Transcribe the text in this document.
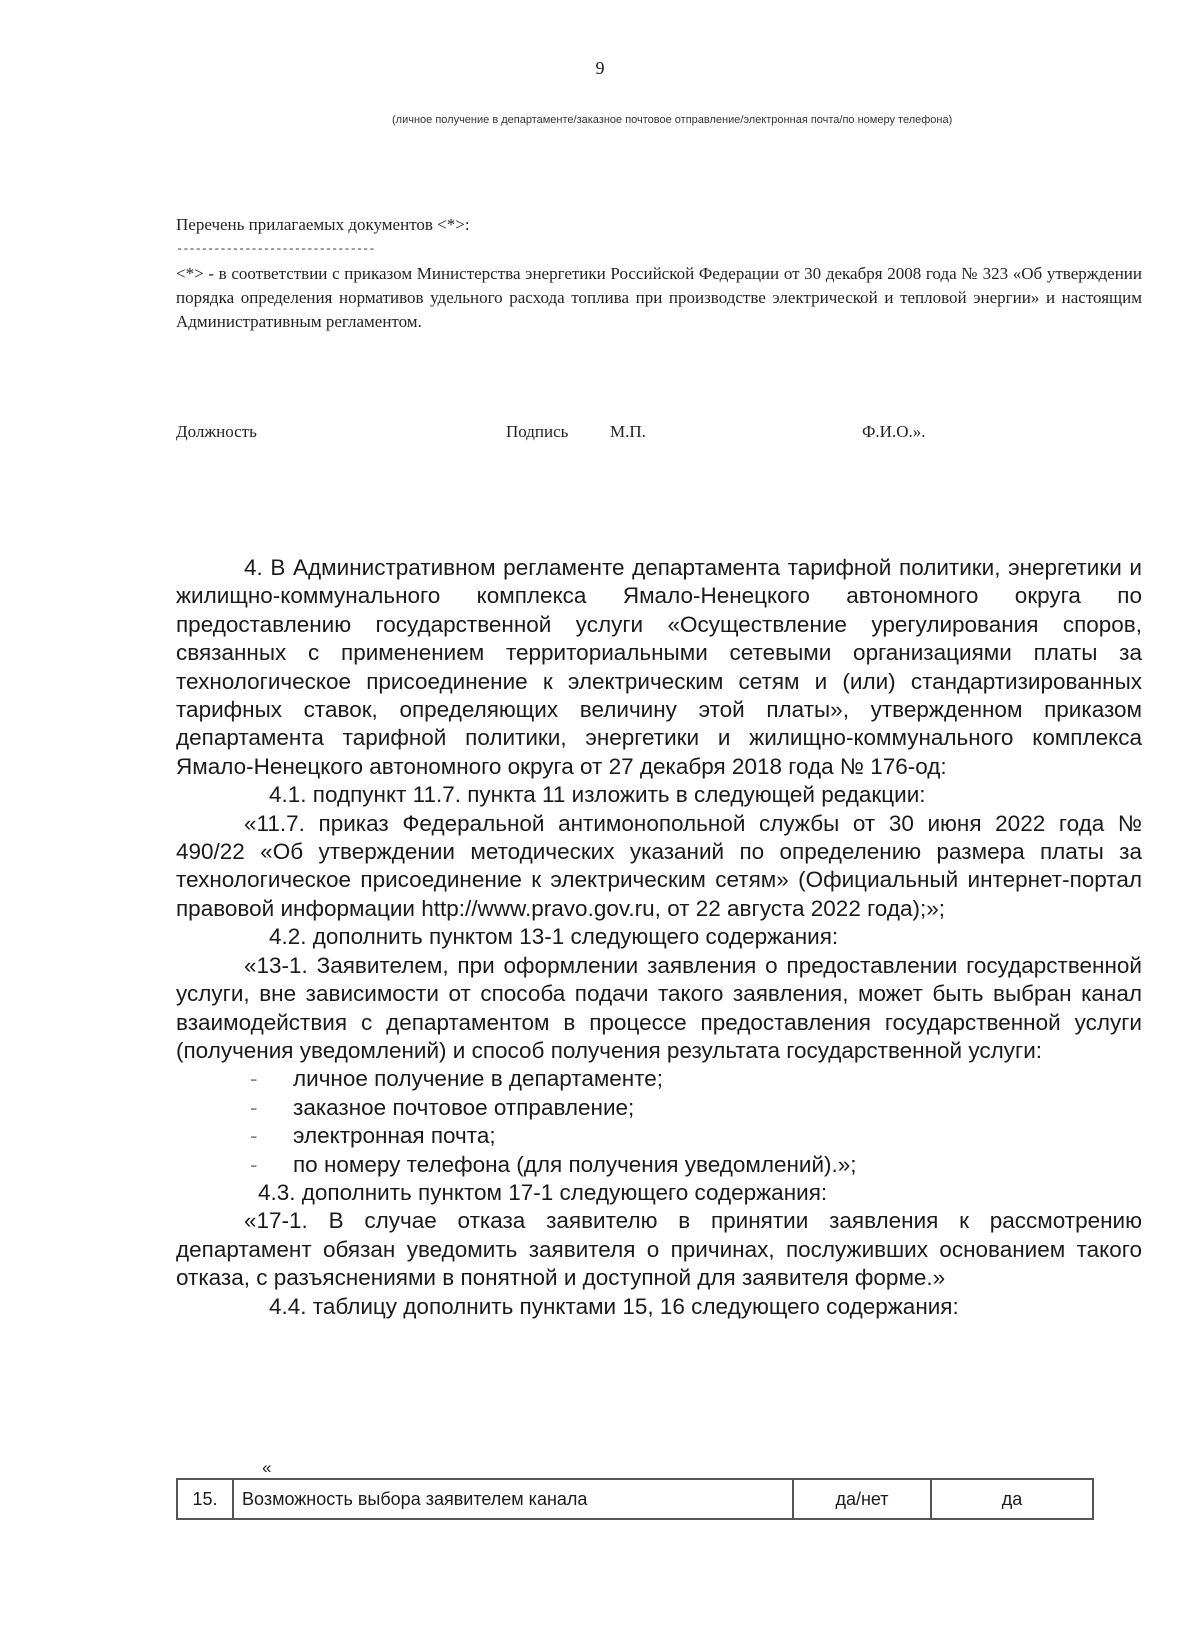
9
(личное получение в департаменте/заказное почтовое отправление/электронная почта/по номеру телефона)
Перечень прилагаемых документов <*>:
--------------------------------
<*> - в соответствии с приказом Министерства энергетики Российской Федерации от 30 декабря 2008 года № 323 «Об утверждении порядка определения нормативов удельного расхода топлива при производстве электрической и тепловой энергии» и настоящим Административным регламентом.
Должность	Подпись М.П.	Ф.И.О.».

4. В Административном регламенте департамента тарифной политики, энергетики и жилищно-коммунального комплекса Ямало-Ненецкого автономного округа по предоставлению государственной услуги «Осуществление урегулирования споров, связанных с применением территориальными сетевыми организациями платы за технологическое присоединение к электрическим сетям и (или) стандартизированных тарифных ставок, определяющих величину этой платы», утвержденном приказом департамента тарифной политики, энергетики и жилищно-коммунального комплекса Ямало-Ненецкого автономного округа от 27 декабря 2018 года № 176-од:

4.1. подпункт 11.7. пункта 11 изложить в следующей редакции:

«11.7. приказ Федеральной антимонопольной службы от 30 июня 2022 года № 490/22 «Об утверждении методических указаний по определению размера платы за технологическое присоединение к электрическим сетям» (Официальный интернет-портал правовой информации http://www.pravo.gov.ru, от 22 августа 2022 года);»;

4.2. дополнить пунктом 13-1 следующего содержания:

«13-1. Заявителем, при оформлении заявления о предоставлении государственной услуги, вне зависимости от способа подачи такого заявления, может быть выбран канал взаимодействия с департаментом в процессе предоставления государственной услуги (получения уведомлений) и способ получения результата государственной услуги:

-	личное получение в департаменте;

-	заказное почтовое отправление;

-	электронная почта;

-	по номеру телефона (для получения уведомлений).»;

4.3. дополнить пунктом 17-1 следующего содержания:

«17-1. В случае отказа заявителю в принятии заявления к рассмотрению департамент обязан уведомить заявителя о причинах, послуживших основанием такого отказа, с разъяснениями в понятной и доступной для заявителя форме.»

4.4. таблицу дополнить пунктами 15, 16 следующего содержания:

«
15.	Возможность выбора заявителем канала	да/нет	да
